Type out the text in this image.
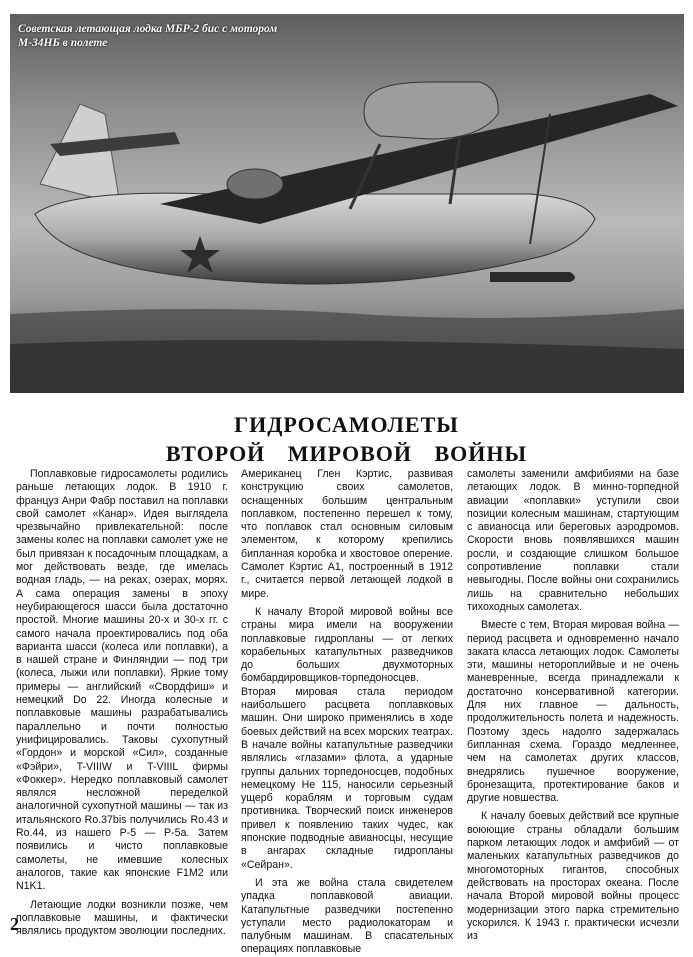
Советская летающая лодка МБР-2 бис с мотором М-34НБ в полете
ГИДРОСАМОЛЕТЫ
ВТОРОЙ МИРОВОЙ ВОЙНЫ

Поплавковые гидросамолеты родились раньше летающих лодок. В 1910 г. француз Анри Фабр поставил на поплавки свой самолет «Канар». Идея выглядела чрезвычайно привлекательной: после замены колес на поплавки самолет уже не был привязан к посадочным площадкам, а мог действовать везде, где имелась водная гладь, — на реках, озерах, морях. А сама операция замены в эпоху неубирающегося шасси была достаточно простой. Многие машины 20-х и 30-х гг. с самого начала проектировались под оба варианта шасси (колеса или поплавки), а в нашей стране и Финляндии — под три (колеса, лыжи или поплавки). Яркие тому примеры — английский «Свордфиш» и немецкий Do 22. Иногда колесные и поплавковые машины разрабатывались параллельно и почти полностью унифицировались. Таковы сухопутный «Гордон» и морской «Сил», созданные «Фэйри», T-VIIIW и T-VIIIL фирмы «Фоккер». Нередко поплавковый самолет являлся несложной переделкой аналогичной сухопутной машины — так из итальянского Ro.37bis получились Ro.43 и Ro.44, из нашего Р-5 — Р-5а. Затем появились и чисто поплавковые самолеты, не имевшие колесных аналогов, такие как японские F1M2 или N1K1.

Летающие лодки возникли позже, чем поплавковые машины, и фактически являлись продуктом эволюции последних.

Американец Глен Кэртис, развивая конструкцию своих самолетов, оснащенных большим центральным поплавком, постепенно перешел к тому, что поплавок стал основным силовым элементом, к которому крепились бипланная коробка и хвостовое оперение. Самолет Кэртис А1, построенный в 1912 г., считается первой летающей лодкой в мире.

К началу Второй мировой войны все страны мира имели на вооружении поплавковые гидропланы — от легких корабельных катапультных разведчиков до больших двухмоторных бомбардировщиков-торпедоносцев. Вторая мировая стала периодом наибольшего расцвета поплавковых машин. Они широко применялись в ходе боевых действий на всех морских театрах. В начале войны катапультные разведчики являлись «глазами» флота, а ударные группы дальних торпедоносцев, подобных немецкому Не 115, наносили серьезный ущерб кораблям и торговым судам противника. Творческий поиск инженеров привел к появлению таких чудес, как японские подводные авианосцы, несущие в ангарах складные гидропланы «Сейран».

И эта же война стала свидетелем упадка поплавковой авиации. Катапультные разведчики постепенно уступали место радиолокаторам и палубным машинам. В спасательных операциях поплавковые

самолеты заменили амфибиями на базе летающих лодок. В минно-торпедной авиации «поплавки» уступили свои позиции колесным машинам, стартующим с авианосца или береговых аэродромов. Скорости вновь появлявшихся машин росли, и создающие слишком большое сопротивление поплавки стали невыгодны. После войны они сохранились лишь на сравнительно небольших тихоходных самолетах.

Вместе с тем, Вторая мировая война — период расцвета и одновременно начало заката класса летающих лодок. Самолеты эти, машины нетороплийвые и не очень маневренные, всегда принадлежали к достаточно консервативной категории. Для них главное — дальность, продолжительность полета и надежность. Поэтому здесь надолго задержалась бипланная схема. Гораздо медленнее, чем на самолетах других классов, внедрялись пушечное вооружение, бронезащита, протектирование баков и другие новшества.

К началу боевых действий все крупные воюющие страны обладали большим парком летающих лодок и амфибий — от маленьких катапультных разведчиков до многомоторных гигантов, способных действовать на просторах океана. После начала Второй мировой войны процесс модернизации этого парка стремительно ускорился. К 1943 г. практически исчезли из

2
